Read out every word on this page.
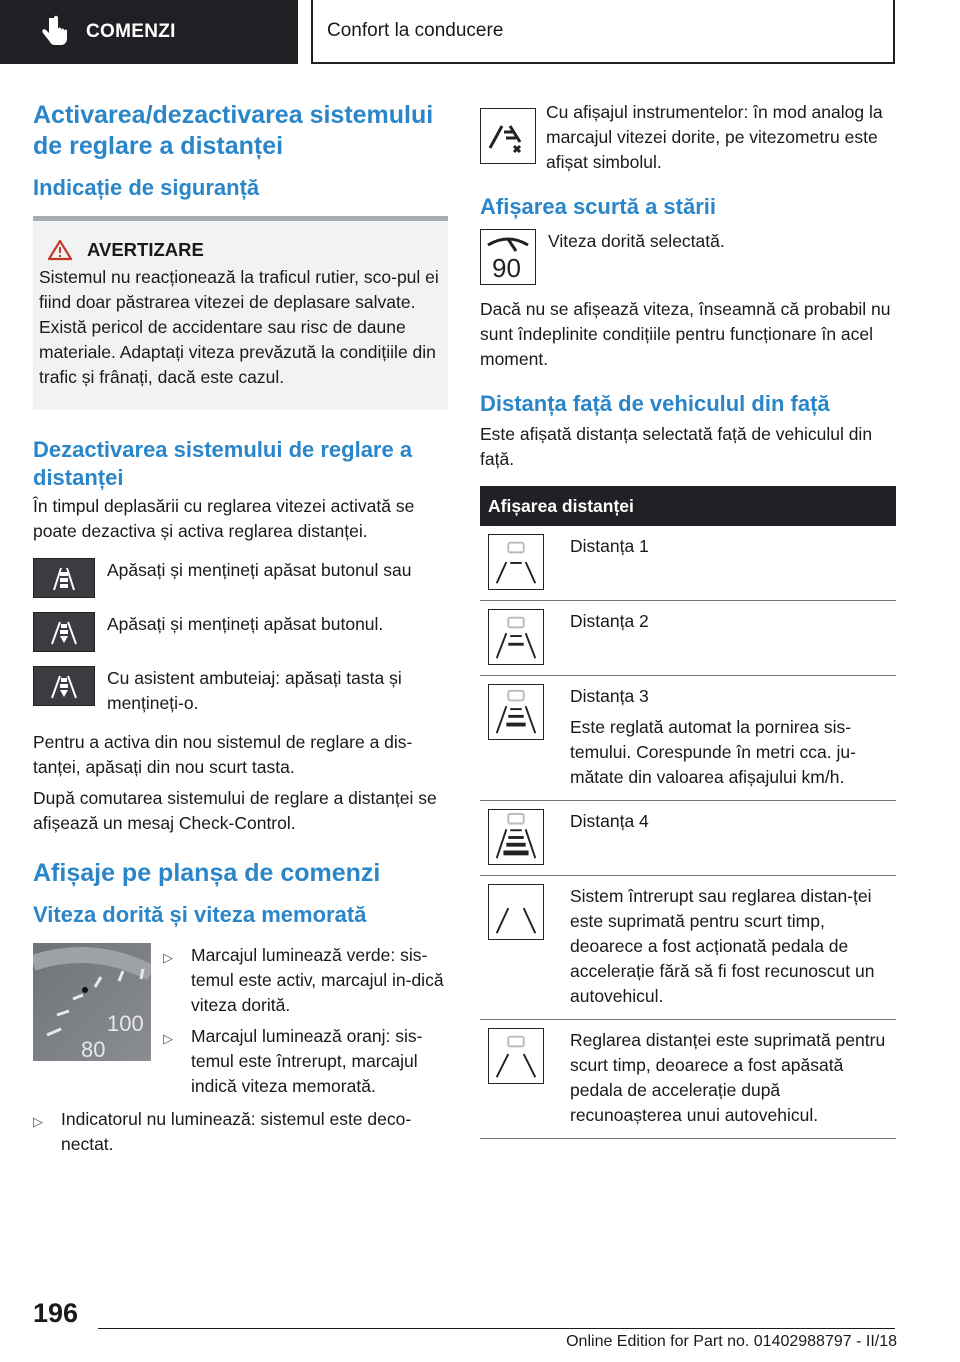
COMENZI	Confort la conducere
Activarea/dezactivarea sistemului de reglare a distanței
Indicație de siguranță
AVERTIZARE

Sistemul nu reacționează la traficul rutier, sco-pul ei fiind doar păstrarea vitezei de deplasare salvate. Există pericol de accidentare sau risc de daune materiale. Adaptați viteza prevăzută la condițiile din trafic și frânați, dacă este cazul.

Dezactivarea sistemului de reglare a distanței

În timpul deplasării cu reglarea vitezei activată se poate dezactiva și activa reglarea distanței.

Apăsați și mențineți apăsat butonul sau

Apăsați și mențineți apăsat butonul.

Cu asistent ambuteiaj: apăsați tasta și mențineți-o.

Pentru a activa din nou sistemul de reglare a dis-tanței, apăsați din nou scurt tasta.

După comutarea sistemului de reglare a distanței se afișează un mesaj Check-Control.

Afișaje pe planșa de comenzi
Viteza dorită și viteza memorată
100
80
▷	Marcajul luminează verde: sis-temul este activ, marcajul in-dică viteza dorită.
▷	Marcajul luminează oranj: sis-temul este întrerupt, marcajul indică viteza memorată.
▷	Indicatorul nu luminează: sistemul este deco-nectat.

Cu afișajul instrumentelor: în mod analog la marcajul vitezei dorite, pe vitezometru este afișat simbolul.

Afișarea scurtă a stării
90

Viteza dorită selectată.

Dacă nu se afișează viteza, înseamnă că probabil nu sunt îndeplinite condițiile pentru funcționare în acel moment.

Distanța față de vehiculul din față

Este afișată distanța selectată față de vehiculul din față.

Afișarea distanței

Distanța 1

Distanța 2

Distanța 3

Este reglată automat la pornirea sis-temului. Corespunde în metri cca. ju-mătate din valoarea afișajului km/h.

Distanța 4

Sistem întrerupt sau reglarea distan-ței este suprimată pentru scurt timp, deoarece a fost acționată pedala de accelerație fără să fi fost recunoscut un autovehicul.

Reglarea distanței este suprimată pentru scurt timp, deoarece a fost apăsată pedala de accelerație după recunoașterea unui autovehicul.

196
Online Edition for Part no. 01402988797 - II/18
